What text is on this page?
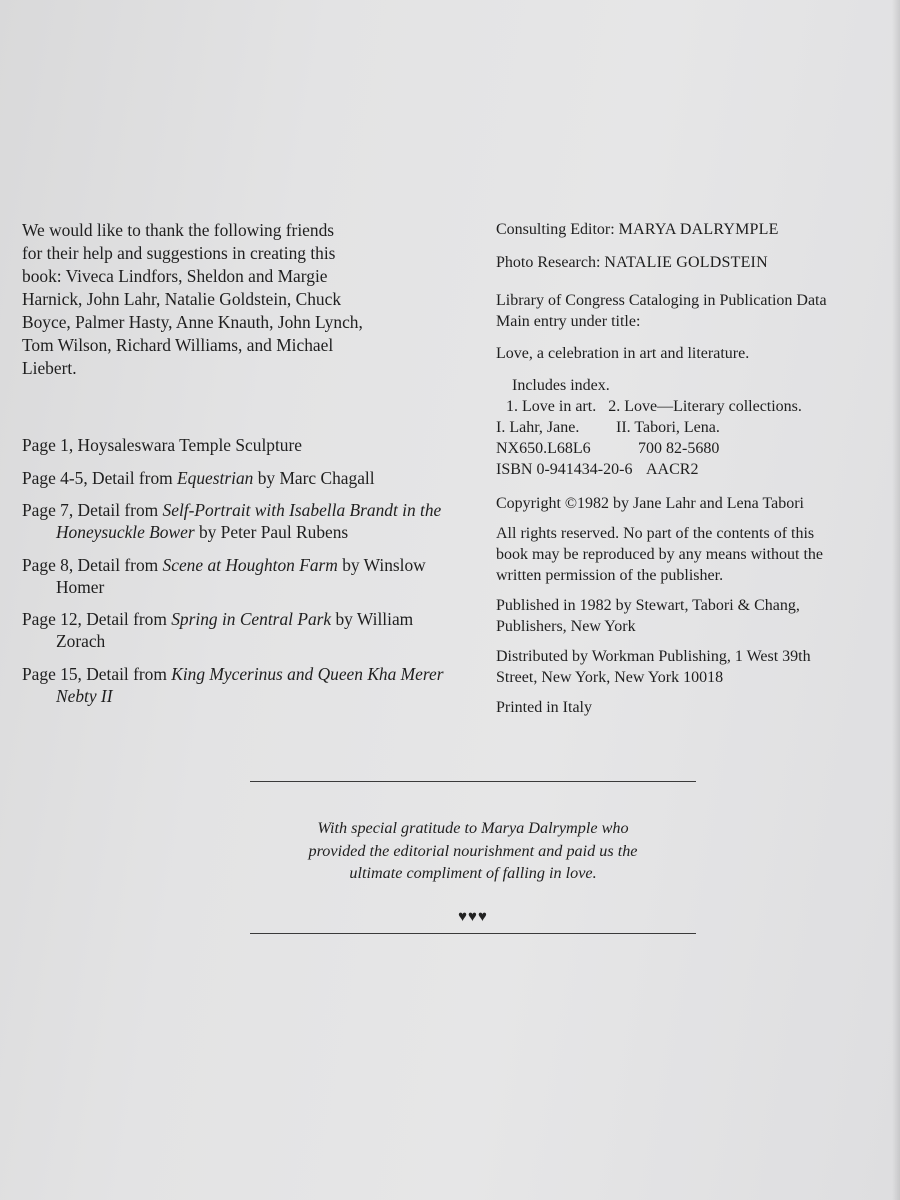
We would like to thank the following friends

for their help and suggestions in creating this

book: Viveca Lindfors, Sheldon and Margie

Harnick, John Lahr, Natalie Goldstein, Chuck

Boyce, Palmer Hasty, Anne Knauth, John Lynch,

Tom Wilson, Richard Williams, and Michael

Liebert.

Page 1, Hoysaleswara Temple Sculpture

Page 4-5, Detail from Equestrian by Marc Chagall

Page 7, Detail from Self-Portrait with Isabella Brandt in the Honeysuckle Bower by Peter Paul Rubens

Page 8, Detail from Scene at Houghton Farm by Winslow Homer

Page 12, Detail from Spring in Central Park by William Zorach

Page 15, Detail from King Mycerinus and Queen Kha Merer Nebty II

Consulting Editor: MARYA DALRYMPLE

Photo Research: NATALIE GOLDSTEIN

Library of Congress Cataloging in Publication Data

Main entry under title:

Love, a celebration in art and literature.

Includes index.

1. Love in art.   2. Love—Literary collections.

I. Lahr, Jane.	II. Tabori, Lena.

NX650.L68L6	700 82-5680

ISBN 0-941434-20-6 AACR2

Copyright ©1982 by Jane Lahr and Lena Tabori

All rights reserved. No part of the contents of this

book may be reproduced by any means without the

written permission of the publisher.

Published in 1982 by Stewart, Tabori & Chang,

Publishers, New York

Distributed by Workman Publishing, 1 West 39th

Street, New York, New York 10018

Printed in Italy

With special gratitude to Marya Dalrymple who
provided the editorial nourishment and paid us the
ultimate compliment of falling in love.
♥♥♥
